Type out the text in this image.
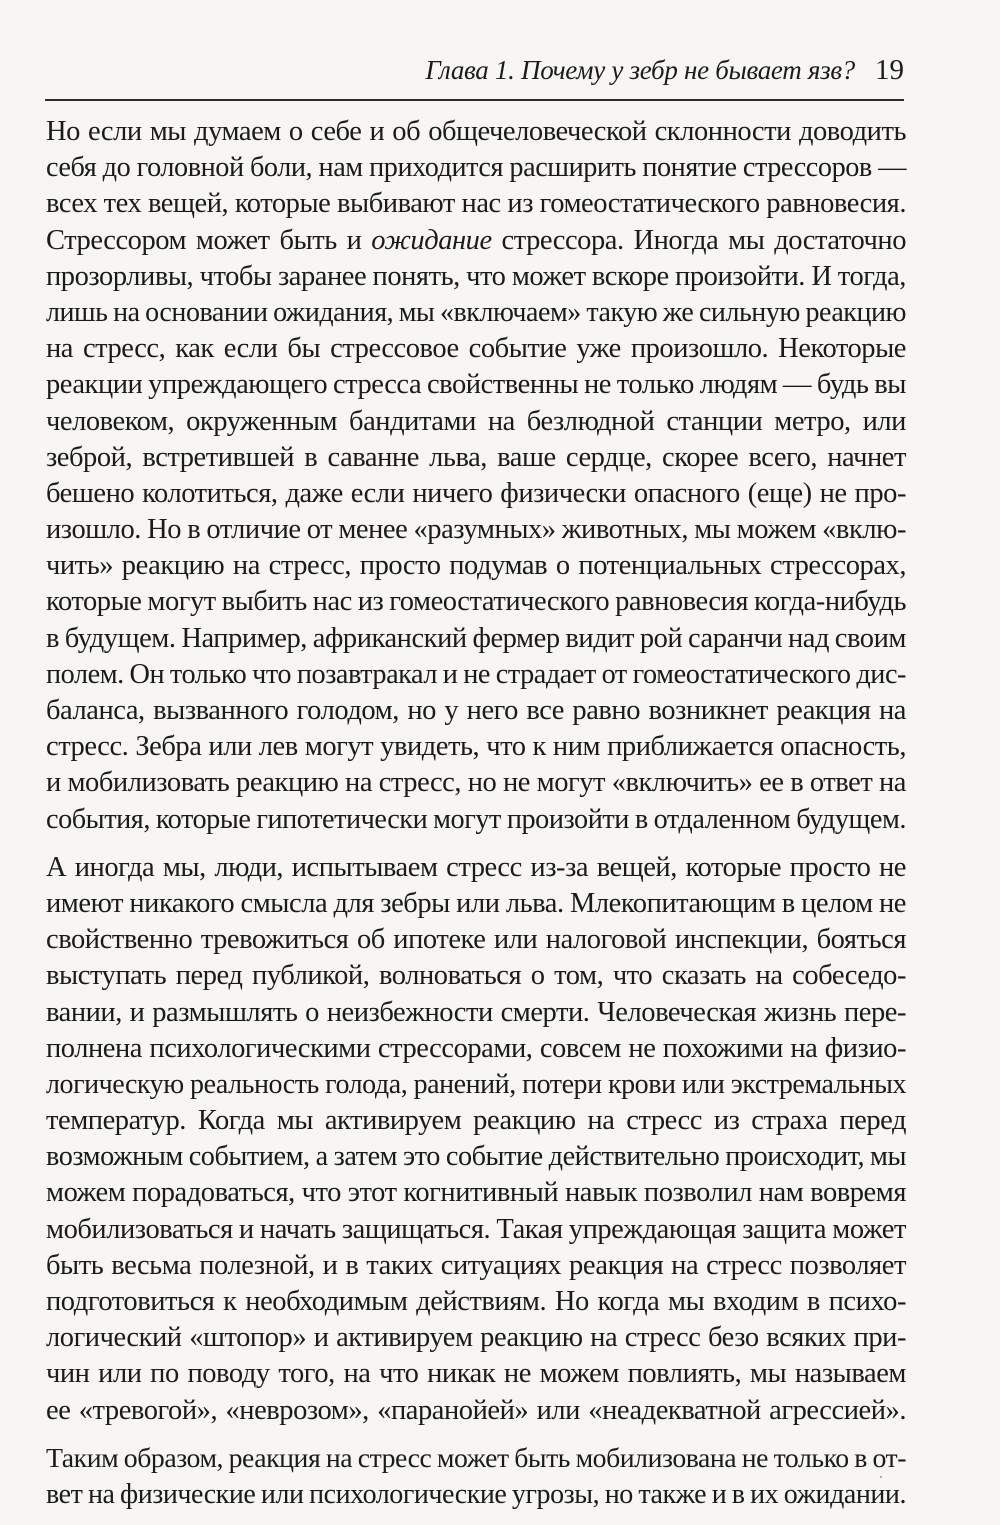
Глава 1. Почему у зебр не бывает язв? 19

Но если мы думаем о себе и об общечеловеческой склонности доводить
себя до головной боли, нам приходится расширить понятие стрессоров —
всех тех вещей, которые выбивают нас из гомеостатического равновесия.
Стрессором может быть и ожидание стрессора. Иногда мы достаточно
прозорливы, чтобы заранее понять, что может вскоре произойти. И тогда,
лишь на основании ожидания, мы «включаем» такую же сильную реакцию
на стресс, как если бы стрессовое событие уже произошло. Некоторые
реакции упреждающего стресса свойственны не только людям — будь вы
человеком, окруженным бандитами на безлюдной станции метро, или
зеброй, встретившей в саванне льва, ваше сердце, скорее всего, начнет
бешено колотиться, даже если ничего физически опасного (еще) не про-
изошло. Но в отличие от менее «разумных» животных, мы можем «вклю-
чить» реакцию на стресс, просто подумав о потенциальных стрессорах,
которые могут выбить нас из гомеостатического равновесия когда-нибудь
в будущем. Например, африканский фермер видит рой саранчи над своим
полем. Он только что позавтракал и не страдает от гомеостатического дис-
баланса, вызванного голодом, но у него все равно возникнет реакция на
стресс. Зебра или лев могут увидеть, что к ним приближается опасность,
и мобилизовать реакцию на стресс, но не могут «включить» ее в ответ на
события, которые гипотетически могут произойти в отдаленном будущем.

А иногда мы, люди, испытываем стресс из-за вещей, которые просто не
имеют никакого смысла для зебры или льва. Млекопитающим в целом не
свойственно тревожиться об ипотеке или налоговой инспекции, бояться
выступать перед публикой, волноваться о том, что сказать на собеседо-
вании, и размышлять о неизбежности смерти. Человеческая жизнь пере-
полнена психологическими стрессорами, совсем не похожими на физио-
логическую реальность голода, ранений, потери крови или экстремальных
температур. Когда мы активируем реакцию на стресс из страха перед
возможным событием, а затем это событие действительно происходит, мы
можем порадоваться, что этот когнитивный навык позволил нам вовремя
мобилизоваться и начать защищаться. Такая упреждающая защита может
быть весьма полезной, и в таких ситуациях реакция на стресс позволяет
подготовиться к необходимым действиям. Но когда мы входим в психо-
логический «штопор» и активируем реакцию на стресс безо всяких при-
чин или по поводу того, на что никак не можем повлиять, мы называем
ее «тревогой», «неврозом», «паранойей» или «неадекватной агрессией».

Таким образом, реакция на стресс может быть мобилизована не только в от-
вет на физические или психологические угрозы, но также и в их ожидании.
